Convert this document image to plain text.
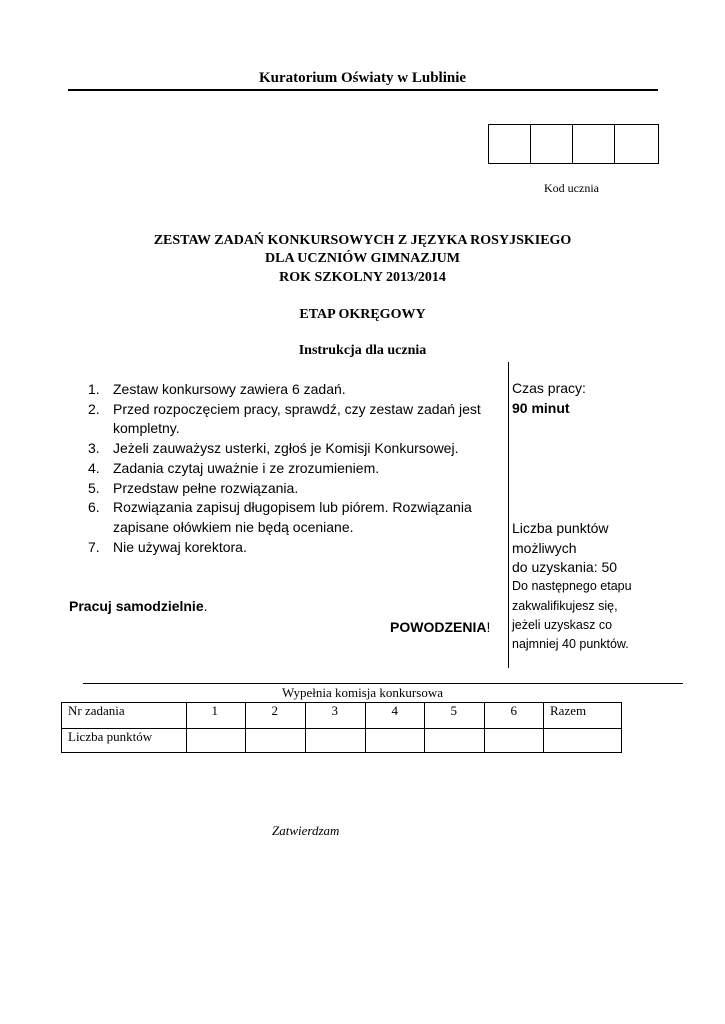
Kuratorium Oświaty w Lublinie
Kod ucznia
ZESTAW ZADAŃ KONKURSOWYCH Z JĘZYKA ROSYJSKIEGO
DLA UCZNIÓW GIMNAZJUM
ROK SZKOLNY 2013/2014
ETAP OKRĘGOWY
Instrukcja dla ucznia
1. Zestaw konkursowy zawiera 6 zadań.
2. Przed rozpoczęciem pracy, sprawdź, czy zestaw zadań jest kompletny.
3. Jeżeli zauważysz usterki, zgłoś je Komisji Konkursowej.
4. Zadania czytaj uważnie i ze zrozumieniem.
5. Przedstaw pełne rozwiązania.
6. Rozwiązania zapisuj długopisem lub piórem. Rozwiązania zapisane ołówkiem nie będą oceniane.
7. Nie używaj korektora.
Pracuj samodzielnie.
POWODZENIA!
Czas pracy:
90 minut
Liczba punktów
możliwych
do uzyskania: 50
Do następnego etapu
zakwalifikujesz się,
jeżeli uzyskasz co
najmniej 40 punktów.
Wypełnia komisja konkursowa
Nr zadania	1	2	3	4	5	6	Razem
Liczba punktów							
Zatwierdzam
